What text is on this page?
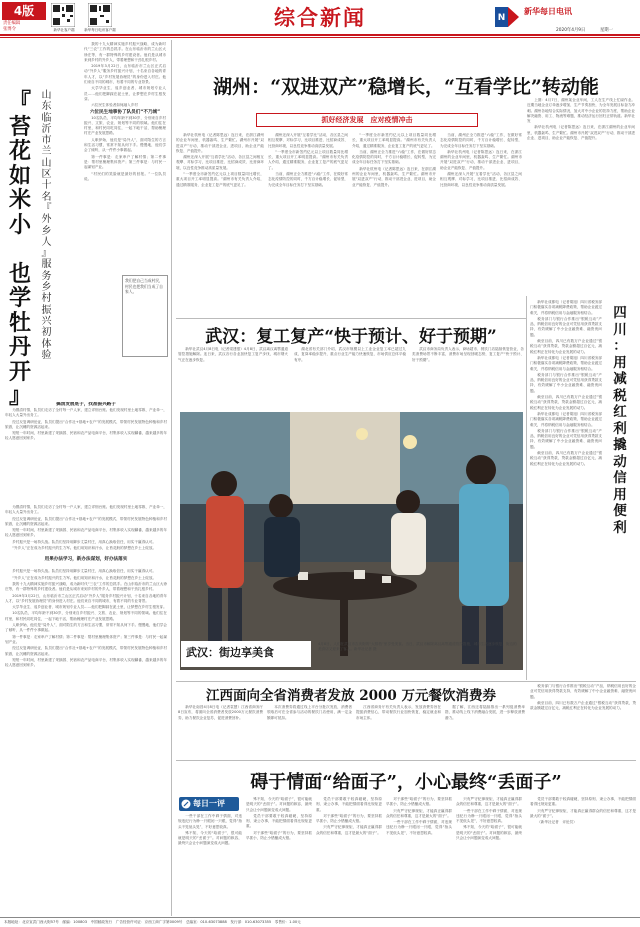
4版
责任编辑
张博令	新华社客户端	新华每日电讯客户端	综合新闻	N
新华每日电讯
2020年4月9日	星期一
『
苔
花
如
米
小

也
学
牡
丹
开
』
山
东
临
沂
市
兰
山
区
十
名
『
外
乡
人
』
服
务
乡
村
振
兴
初
体
验

我的十九大精神实施乡村振兴战略，成为新时代“三农”工作的总抓手。在山东临沂市的兰山区大徐庄等，有一群特殊的乡村建设者。他们是从城市来到乡村的外乡人，带着理想和干劲扎根乡村。

2019年3月22日，山东临沂市兰山区正式启动“外乡人”服务乡村振兴计划，十名来自各地的青年人才，以“乡村发展协理员”的身份进入村庄。他们来自不同的城市，有着不同的专业背景。

大学毕业生、返乡创业者、城市规划专业人员……他们把脚踩在泥土里，让梦想在乡村生根发芽。

六位民生体验者如何融入乡村

六位民生地事协了队员们“不乃城”

10名队员，平均年龄不到30岁，分别来自乡村振兴、文旅、农业、规划等不同的领域。他们住在村里，和村民同吃同住，一起下地干活，帮助梳理村庄产业发展思路。

人职伊始，他们是“局外人”，面对陌生的方言和生活习惯，常常不知从何下手。慢慢地，他们学会了倾听，从一件件小事做起。

第一件事是：走家串户了解村情；第二件事是：帮村里梳理集体资产；第三件事是：与村民一起谋划产业。

“村民们的笑脸就是最好的回报。”一位队员说。

我们把自己当成村民，村民也把我们当成了自家人。
搞清发展底子，找准振兴路子

为摸清村情，队员们走访了全村每一户人家，建立详细台账。他们发现村里土地零散、产业单一，年轻人大量外出务工。

经过反复调研论证，队员们提出“合作社+基地+农户”的发展模式，带领村民发展特色种植和乡村旅游，让沉睡的资源活起来。

短短一年时间，村里新建了采摘园、民宿和农产品电商平台，村集体收入实现翻番，越来越多的年轻人愿意回到家乡。

为摸清村情，队员们走访了全村每一户人家，建立详细台账。他们发现村里土地零散、产业单一，年轻人大量外出务工。

经过反复调研论证，队员们提出“合作社+基地+农户”的发展模式，带领村民发展特色种植和乡村旅游，让沉睡的资源活起来。

短短一年时间，村里新建了采摘园、民宿和农产品电商平台，村集体收入实现翻番，越来越多的年轻人愿意回到家乡。

乡村振兴是一场持久战。队员们坚持用脚步丈量村庄，用真心换取信任，用实干赢得认可。

“外乡人”正在成为乡村振兴的生力军。他们用知识和汗水，让苔花般的梦想在乡土上绽放。

用果办法学习，新办法谋划，好办法落实

乡村振兴是一场持久战。队员们坚持用脚步丈量村庄，用真心换取信任，用实干赢得认可。

“外乡人”正在成为乡村振兴的生力军。他们用知识和汗水，让苔花般的梦想在乡土上绽放。

我的十九大精神实施乡村振兴战略，成为新时代“三农”工作的总抓手。在山东临沂市的兰山区大徐庄等，有一群特殊的乡村建设者。他们是从城市来到乡村的外乡人，带着理想和干劲扎根乡村。

2019年3月22日，山东临沂市兰山区正式启动“外乡人”服务乡村振兴计划，十名来自各地的青年人才，以“乡村发展协理员”的身份进入村庄。他们来自不同的城市，有着不同的专业背景。

大学毕业生、返乡创业者、城市规划专业人员……他们把脚踩在泥土里，让梦想在乡村生根发芽。

10名队员，平均年龄不到30岁，分别来自乡村振兴、文旅、农业、规划等不同的领域。他们住在村里，和村民同吃同住，一起下地干活，帮助梳理村庄产业发展思路。

人职伊始，他们是“局外人”，面对陌生的方言和生活习惯，常常不知从何下手。慢慢地，他们学会了倾听，从一件件小事做起。

第一件事是：走家串户了解村情；第二件事是：帮村里梳理集体资产；第三件事是：与村民一起谋划产业。

经过反复调研论证，队员们提出“合作社+基地+农户”的发展模式，带领村民发展特色种植和乡村旅游，让沉睡的资源活起来。

短短一年时间，村里新建了采摘园、民宿和农产品电商平台，村集体收入实现翻番，越来越多的年轻人愿意回到家乡。

湖州：“双进双产”稳增长，“互看学比”转动能
抓好经济发展　应对疫情冲击

新华社杭州电（记者陈思远）连日来，在浙江湖州的企业车间里，机器轰鸣、生产繁忙。湖州市开展“双进双产”行动，推动干部进企业、进项目，助企业产能恢复、产值提升。

湖州还深入开展“互看学比”活动，各区县之间相互观摩、对标学习，比项目推进、比招商成效、比营商环境，以良性竞争推动高质量发展。

“一季度全市新签约亿元以上项目数量同比增长，重大项目开工率明显提高。”湖州市有关负责人介绍，通过精准服务，企业复工复产的底气更足了。

湖州还深入开展“互看学比”活动，各区县之间相互观摩、对标学习，比项目推进、比招商成效、比营商环境，以良性竞争推动高质量发展。

“一季度全市新签约亿元以上项目数量同比增长，重大项目开工率明显提高。”湖州市有关负责人介绍，通过精准服务，企业复工复产的底气更足了。

当前，湖州正全力推进“六稳”工作，在做好常态化疫情防控的同时，千方百计稳增长、促转型，为完成全年目标任务打下坚实基础。

“一季度全市新签约亿元以上项目数量同比增长，重大项目开工率明显提高。”湖州市有关负责人介绍，通过精准服务，企业复工复产的底气更足了。

当前，湖州正全力推进“六稳”工作，在做好常态化疫情防控的同时，千方百计稳增长、促转型，为完成全年目标任务打下坚实基础。

新华社杭州电（记者陈思远）连日来，在浙江湖州的企业车间里，机器轰鸣、生产繁忙。湖州市开展“双进双产”行动，推动干部进企业、进项目，助企业产能恢复、产值提升。

当前，湖州正全力推进“六稳”工作，在做好常态化疫情防控的同时，千方百计稳增长、促转型，为完成全年目标任务打下坚实基础。

新华社杭州电（记者陈思远）连日来，在浙江湖州的企业车间里，机器轰鸣、生产繁忙。湖州市开展“双进双产”行动，推动干部进企业、进项目，助企业产能恢复、产值提升。

湖州还深入开展“互看学比”活动，各区县之间相互观摩、对标学习，比项目推进、比招商成效、比营商环境，以良性竞争推动高质量发展。

上图：4月7日，湖州某企业车间，工人在生产线上忙碌作业。近期当地企业订单逐步增加，生产节奏加快，为全年发展目标奋力冲刺。湖州各地结合实际情况，加大对中小企业的扶持力度，帮助企业解决融资、用工、物流等难题，推动经济运行回归正常轨道。新华社发

新华社杭州电（记者陈思远）连日来，在浙江湖州的企业车间里，机器轰鸣、生产繁忙。湖州市开展“双进双产”行动，推动干部进企业、进项目，助企业产能恢复、产值提升。

武汉：复工复产“快于预计、好于预期”

新华社武汉4月8日电（记者梁建强）4月8日，武汉离汉离鄂通道管控措施解除。连日来，武汉各行各业加快复工复产步伐，城市烟火气正在逐步恢复。

湖北省有关部门介绍，武汉市规模以上工业企业复工率已超过九成，复岗率稳步提升，重点行业生产能力快速恢复，市场供应总体平稳有序。

武汉市商务局负责人表示，商场超市、餐饮门店陆续恢复营业，各类消费场景不断丰富，消费市场呈现回暖态势，复工复产“快于预计、好于预期”。

武汉：街边享美食
4月8日，人们在武汉市吉庆街的“大排档”里享受美食。当日，武汉市解除离汉离鄂通道管控措施，城市生活逐步恢复，街边的美食店又迎来了客人。新华社记者 摄

新华社成都电（记者胡旭）四川省税务部门积极落实各项减税降费政策，帮助企业渡过难关，并将纳税信用与金融服务相结合。

税务部门与银行合作推出“银税互动”产品，纳税信用良好的企业可凭信用获得贷款支持，有效缓解了中小企业融资难、融资贵问题。

截至目前，四川已有数万户企业通过“银税互动”获得贷款，贷款金额超过百亿元，减税红利正在转化为企业发展的动力。

新华社成都电（记者胡旭）四川省税务部门积极落实各项减税降费政策，帮助企业渡过难关，并将纳税信用与金融服务相结合。

税务部门与银行合作推出“银税互动”产品，纳税信用良好的企业可凭信用获得贷款支持，有效缓解了中小企业融资难、融资贵问题。

截至目前，四川已有数万户企业通过“银税互动”获得贷款，贷款金额超过百亿元，减税红利正在转化为企业发展的动力。

新华社成都电（记者胡旭）四川省税务部门积极落实各项减税降费政策，帮助企业渡过难关，并将纳税信用与金融服务相结合。

税务部门与银行合作推出“银税互动”产品，纳税信用良好的企业可凭信用获得贷款支持，有效缓解了中小企业融资难、融资贵问题。

截至目前，四川已有数万户企业通过“银税互动”获得贷款，贷款金额超过百亿元，减税红利正在转化为企业发展的动力。

四
川
：
用
减
税
红
利
撬
动
信
用
便
利
江西面向全省消费者发放 2000 万元餐饮消费券

新华社南昌4月8日电（记者袁慧）江西省商务厅8日宣布，将面向全省消费者发放2000万元餐饮消费券，助力餐饮企业复苏，促进消费回补。

本次消费券将通过线上平台分批次发放，消费者领取后可在全省参与活动的餐饮门店使用，满一定金额即可抵扣。

江西省商务厅有关负责人表示，发放消费券旨在提振消费信心，带动餐饮行业加快恢复，稳定就业和市场主体。

据了解，江西还将陆续推出一系列促消费举措，推动线上线下消费融合发展，进一步释放消费潜力。

税务部门与银行合作推出“银税互动”产品，纳税信用良好的企业可凭信用获得贷款支持，有效缓解了中小企业融资难、融资贵问题。

截至目前，四川已有数万户企业通过“银税互动”获得贷款，贷款金额超过百亿元，减税红利正在转化为企业发展的动力。

碍于情面“给面子”，小心最终“丢面子”
每日一评

一些干部在工作中碍于情面，对违规违纪行为睁一只眼闭一只眼，觉得“抬头不见低头见”，不好意思较真。

殊不知，今天的“给面子”，很可能就是明天的“丢面子”。对问题的纵容，最终只会让小问题演变成大问题。

殊不知，今天的“给面子”，很可能就是明天的“丢面子”。对问题的纵容，最终只会让小问题演变成大问题。

党员干部要敢于较真碰硬，坚持原则、秉公办事，不能把情面看得比规矩更重。

对于那些“给面子”的行为，要坚持抓早抓小，防止小错酿成大错。

党员干部要敢于较真碰硬，坚持原则、秉公办事，不能把情面看得比规矩更重。

对于那些“给面子”的行为，要坚持抓早抓小，防止小错酿成大错。

只有严守纪律规矩，才能真正赢得群众的信任和尊重，这才是最大的“面子”。

对于那些“给面子”的行为，要坚持抓早抓小，防止小错酿成大错。

只有严守纪律规矩，才能真正赢得群众的信任和尊重，这才是最大的“面子”。

一些干部在工作中碍于情面，对违规违纪行为睁一只眼闭一只眼，觉得“抬头不见低头见”，不好意思较真。

只有严守纪律规矩，才能真正赢得群众的信任和尊重，这才是最大的“面子”。

一些干部在工作中碍于情面，对违规违纪行为睁一只眼闭一只眼，觉得“抬头不见低头见”，不好意思较真。

殊不知，今天的“给面子”，很可能就是明天的“丢面子”。对问题的纵容，最终只会让小问题演变成大问题。

党员干部要敢于较真碰硬，坚持原则、秉公办事，不能把情面看得比规矩更重。

只有严守纪律规矩，才能真正赢得群众的信任和尊重，这才是最大的“面子”。

（新华社记者　评论员）

本版地址：北京宣武门西大街57号　邮编：100803　中国邮政发行　广告经营许可证：京西工商广字第0009号　总编室：010-63073888　发行部：010-63073355　零售价：1.00元
